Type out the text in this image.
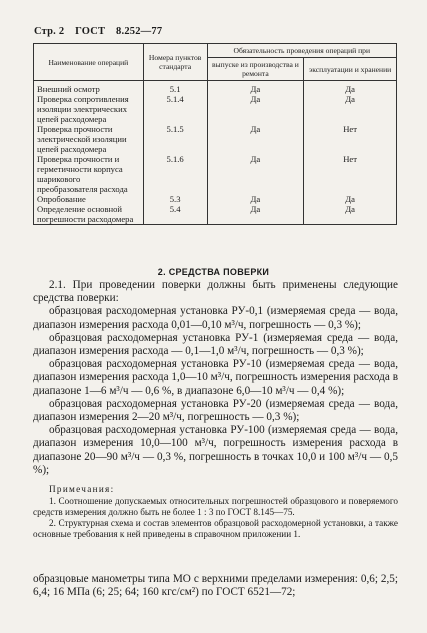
Стр. 2 ГОСТ 8.252—77
Наименование операций	Номера пунктов стандарта	Обязательность проведения операций при	
		выпуске из производства и ремонта	эксплуатации и хранении
Внешний осмотр	5.1	Да	Да
Проверка сопротивления изоляции электрических цепей расходомера	5.1.4	Да	Да
Проверка прочности электрической изоляции цепей расходомера	5.1.5	Да	Нет
Проверка прочности и герметичности корпуса шарикового преобразователя расхода	5.1.6	Да	Нет
Опробование	5.3	Да	Да
Определение основной погрешности расходомера	5.4	Да	Да
2. СРЕДСТВА ПОВЕРКИ

2.1. При проведении поверки должны быть применены следующие средства поверки:

образцовая расходомерная установка РУ-0,1 (измеряемая среда — вода, диапазон измерения расхода 0,01—0,10 м³/ч, погрешность — 0,3 %);

образцовая расходомерная установка РУ-1 (измеряемая среда — вода, диапазон измерения расхода — 0,1—1,0 м³/ч, погрешность — 0,3 %);

образцовая расходомерная установка РУ-10 (измеряемая среда — вода, диапазон измерения расхода 1,0—10 м³/ч, погрешность измерения расхода в диапазоне 1—6 м³/ч — 0,6 %, в диапазоне 6,0—10 м³/ч — 0,4 %);

образцовая расходомерная установка РУ-20 (измеряемая среда — вода, диапазон измерения 2—20 м³/ч, погрешность — 0,3 %);

образцовая расходомерная установка РУ-100 (измеряемая среда — вода, диапазон измерения 10,0—100 м³/ч, погрешность измерения расхода в диапазоне 20—90 м³/ч — 0,3 %, погрешность в точках 10,0 и 100 м³/ч — 0,5 %);

Примечания:

1. Соотношение допускаемых относительных погрешностей образцового и поверяемого средств измерения должно быть не более 1 : 3 по ГОСТ 8.145—75.

2. Структурная схема и состав элементов образцовой расходомерной установки, а также основные требования к ней приведены в справочном приложении 1.

образцовые манометры типа МО с верхними пределами измерения: 0,6; 2,5; 6,4; 16 МПа (6; 25; 64; 160 кгс/см²) по ГОСТ 6521—72;
